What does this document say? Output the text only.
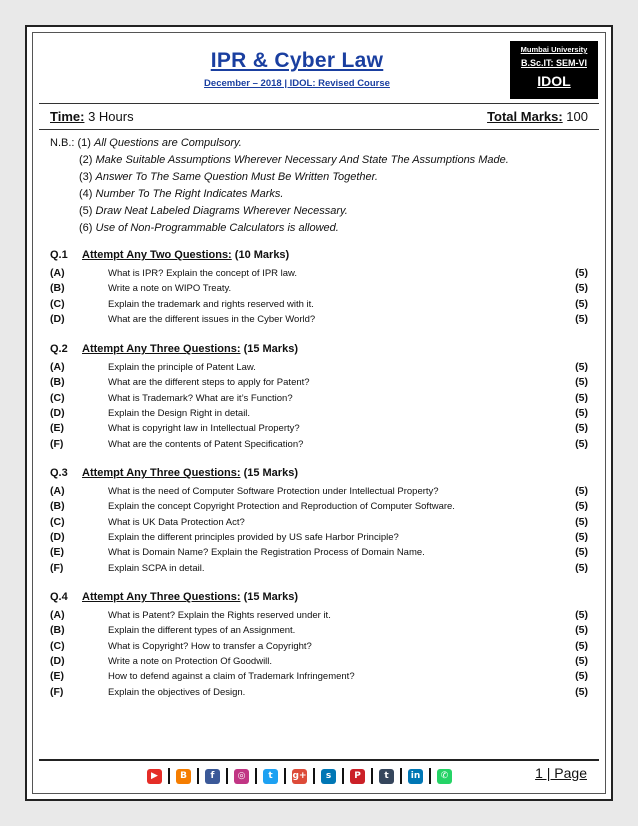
IPR & Cyber Law
December – 2018 | IDOL: Revised Course
Mumbai University
B.Sc.IT: SEM-VI
IDOL
Time: 3 Hours	Total Marks: 100
N.B.: (1) All Questions are Compulsory.
(2) Make Suitable Assumptions Wherever Necessary And State The Assumptions Made.
(3) Answer To The Same Question Must Be Written Together.
(4) Number To The Right Indicates Marks.
(5) Draw Neat Labeled Diagrams Wherever Necessary.
(6) Use of Non-Programmable Calculators is allowed.
Q.1 Attempt Any Two Questions: (10 Marks)
(A)	What is IPR? Explain the concept of IPR law.	(5)
(B)	Write a note on WIPO Treaty.	(5)
(C)	Explain the trademark and rights reserved with it.	(5)
(D)	What are the different issues in the Cyber World?	(5)
Q.2 Attempt Any Three Questions: (15 Marks)
(A)	Explain the principle of Patent Law.	(5)
(B)	What are the different steps to apply for Patent?	(5)
(C)	What is Trademark? What are it’s Function?	(5)
(D)	Explain the Design Right in detail.	(5)
(E)	What is copyright law in Intellectual Property?	(5)
(F)	What are the contents of Patent Specification?	(5)
Q.3 Attempt Any Three Questions: (15 Marks)
(A)	What is the need of Computer Software Protection under Intellectual Property?	(5)
(B)	Explain the concept Copyright Protection and Reproduction of Computer Software.	(5)
(C)	What is UK Data Protection Act?	(5)
(D)	Explain the different principles provided by US safe Harbor Principle?	(5)
(E)	What is Domain Name? Explain the Registration Process of Domain Name.	(5)
(F)	Explain SCPA in detail.	(5)
Q.4 Attempt Any Three Questions: (15 Marks)
(A)	What is Patent? Explain the Rights reserved under it.	(5)
(B)	Explain the different types of an Assignment.	(5)
(C)	What is Copyright? How to transfer a Copyright?	(5)
(D)	Write a note on Protection Of Goodwill.	(5)
(E)	How to defend against a claim of Trademark Infringement?	(5)
(F)	Explain the objectives of Design.	(5)
▶	B	f	◎	t	g+	s	P	t	in	✆	1 | Page
